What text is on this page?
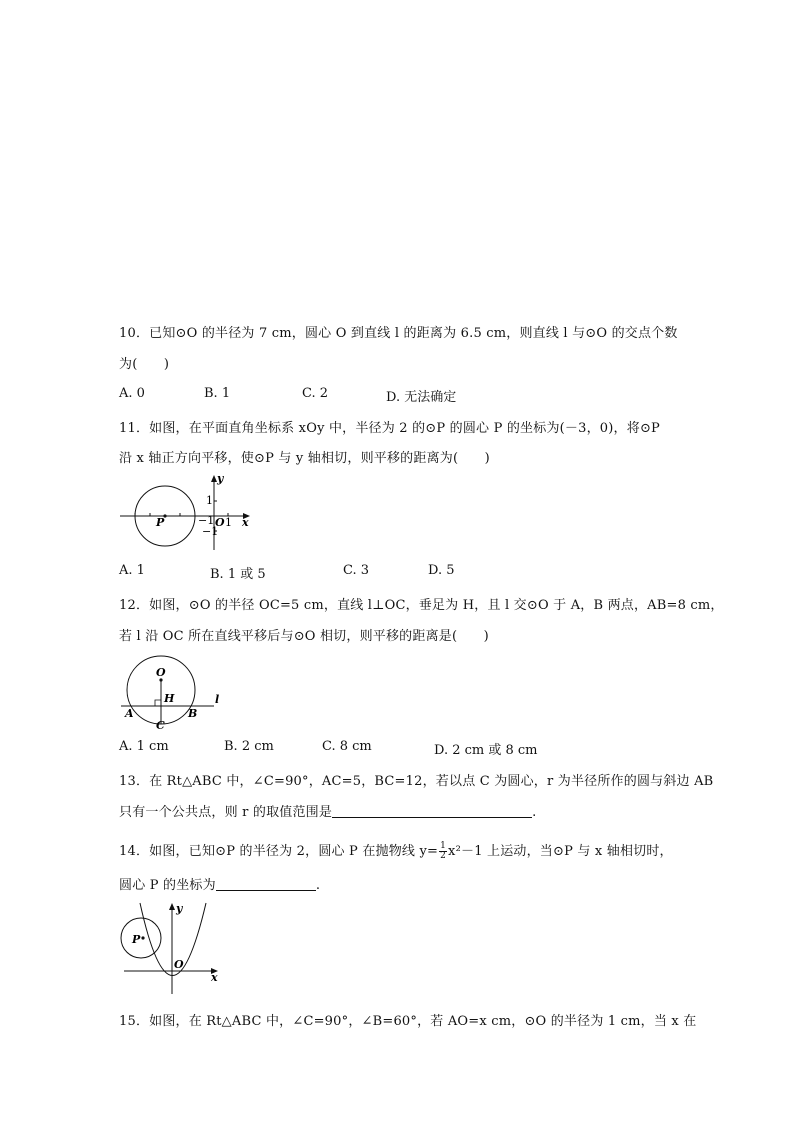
10．已知⊙O 的半径为 7 cm，圆心 O 到直线 l 的距离为 6.5 cm，则直线 l 与⊙O 的交点个数
为(　　)
A. 0	B. 1	C. 2	D. 无法确定
11．如图，在平面直角坐标系 xOy 中，半径为 2 的⊙P 的圆心 P 的坐标为(－3，0)，将⊙P
沿 x 轴正方向平移，使⊙P 与 y 轴相切，则平移的距离为(　　)
P	−1 O 1 x
y
1
−1
A. 1	B. 1 或 5	C. 3	D. 5
12．如图，⊙O 的半径 OC=5 cm，直线 l⊥OC，垂足为 H，且 l 交⊙O 于 A，B 两点，AB=8 cm，
若 l 沿 OC 所在直线平移后与⊙O 相切，则平移的距离是(　　)
O
H
A	B
C
l
A. 1 cm	B. 2 cm	C. 8 cm	D. 2 cm 或 8 cm
13．在 Rt△ABC 中，∠C=90°，AC=5，BC=12，若以点 C 为圆心，r 为半径所作的圆与斜边 AB
只有一个公共点，则 r 的取值范围是	.
14．如图，已知⊙P 的半径为 2，圆心 P 在抛物线 $y= \frac{1}{2} x^2-1$ 上运动，当⊙P 与 x 轴相切时，
圆心 P 的坐标为	.
P
O
x
y
15．如图，在 Rt△ABC 中，∠C=90°，∠B=60°，若 AO=x cm，⊙O 的半径为 1 cm，当 x 在
